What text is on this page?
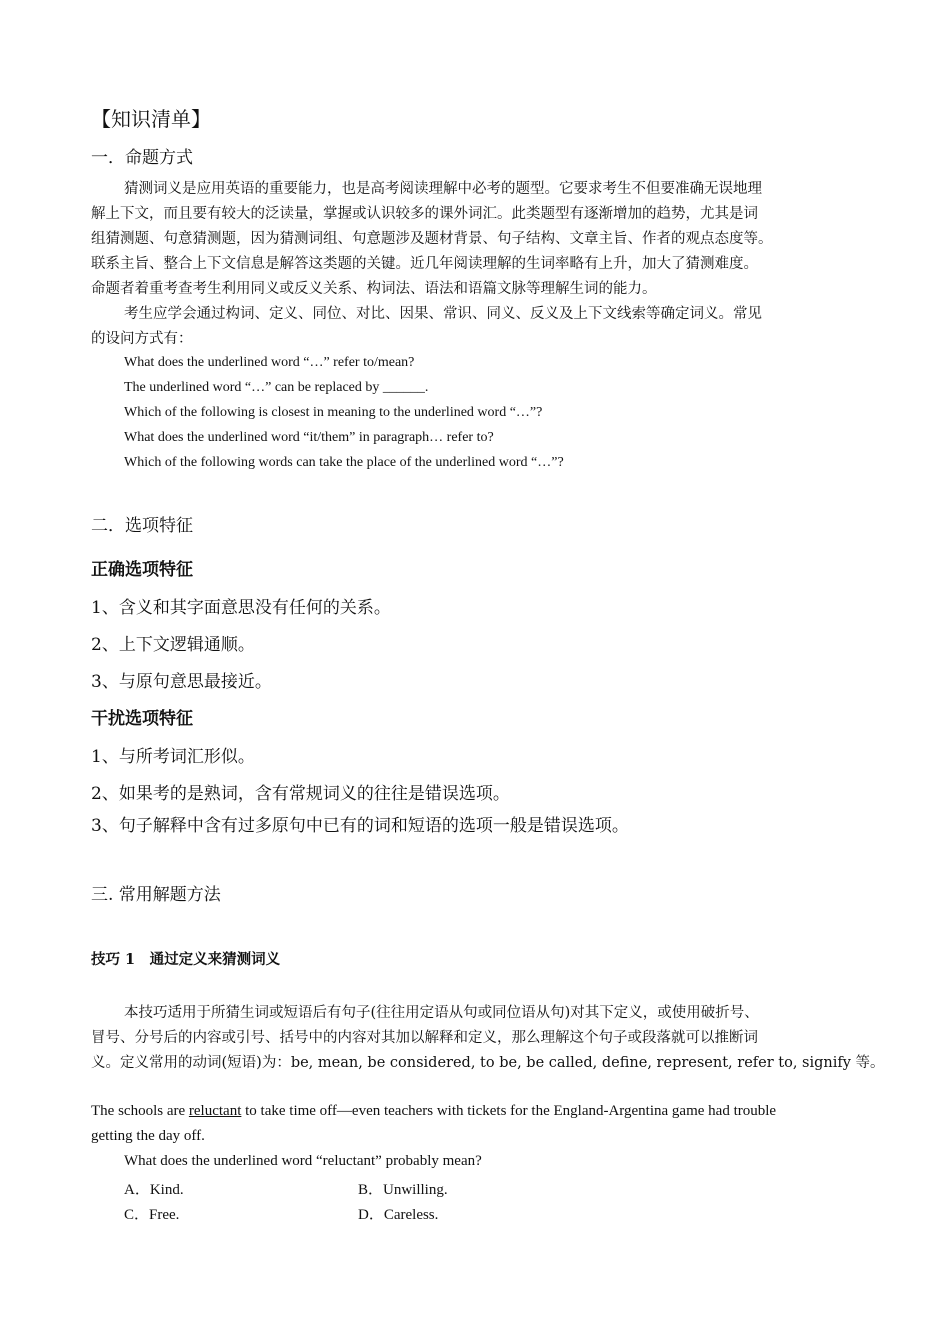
【知识清单】
一．命题方式
猜测词义是应用英语的重要能力，也是高考阅读理解中必考的题型。它要求考生不但要准确无误地理
解上下文，而且要有较大的泛读量，掌握或认识较多的课外词汇。此类题型有逐渐增加的趋势，尤其是词
组猜测题、句意猜测题，因为猜测词组、句意题涉及题材背景、句子结构、文章主旨、作者的观点态度等。
联系主旨、整合上下文信息是解答这类题的关键。近几年阅读理解的生词率略有上升，加大了猜测难度。
命题者着重考查考生利用同义或反义关系、构词法、语法和语篇文脉等理解生词的能力。
考生应学会通过构词、定义、同位、对比、因果、常识、同义、反义及上下文线索等确定词义。常见
的设问方式有：
What does the underlined word “…” refer to/mean?
The underlined word “…” can be replaced by ______.
Which of the following is closest in meaning to the underlined word “…”?
What does the underlined word “it/them” in paragraph… refer to?
Which of the following words can take the place of the underlined word “…”?
二．选项特征
正确选项特征
1、含义和其字面意思没有任何的关系。
2、上下文逻辑通顺。
3、与原句意思最接近。
干扰选项特征
1、与所考词汇形似。
2、如果考的是熟词，含有常规词义的往往是错误选项。
3、句子解释中含有过多原句中已有的词和短语的选项一般是错误选项。
三. 常用解题方法
技巧 1　通过定义来猜测词义
本技巧适用于所猜生词或短语后有句子(往往用定语从句或同位语从句)对其下定义，或使用破折号、
冒号、分号后的内容或引号、括号中的内容对其加以解释和定义，那么理解这个句子或段落就可以推断词
义。定义常用的动词(短语)为：be, mean, be considered, to be, be called, define, represent, refer to, signify 等。
The schools are reluctant to take time off—even teachers with tickets for the England-Argentina game had trouble
getting the day off.
What does the underlined word “reluctant” probably mean?
A．Kind.	B．Unwilling.
C．Free.	D．Careless.
